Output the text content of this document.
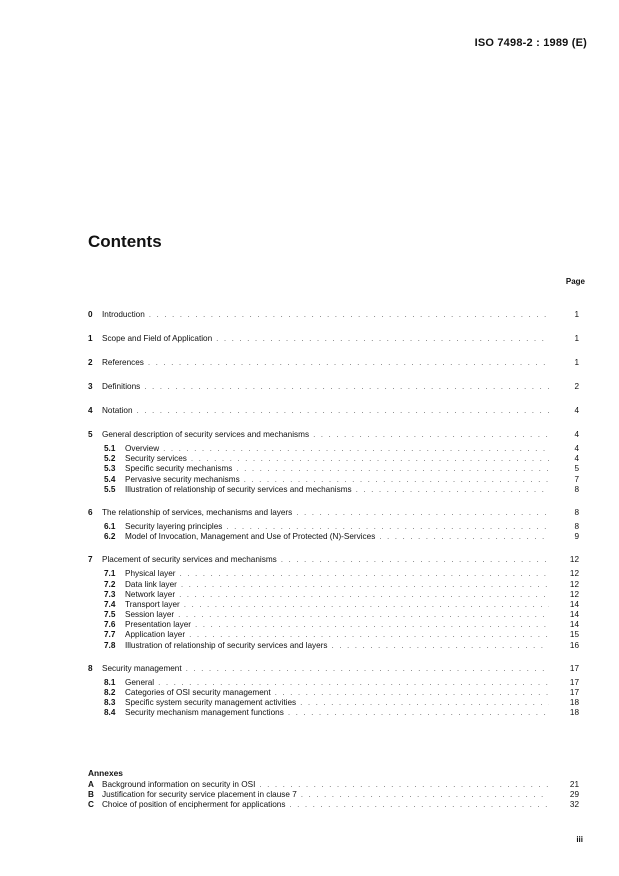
ISO 7498-2 : 1989 (E)
Contents
Page
0 Introduction . . .	1
1 Scope and Field of Application . . .	1
2 References . . .	1
3 Definitions . . .	2
4 Notation . . .	4
5 General description of security services and mechanisms . . .	4
5.1 Overview . . .	4
5.2 Security services . . .	4
5.3 Specific security mechanisms . . .	5
5.4 Pervasive security mechanisms . . .	7
5.5 Illustration of relationship of security services and mechanisms . . .	8
6 The relationship of services, mechanisms and layers . . .	8
6.1 Security layering principles . . .	8
6.2 Model of Invocation, Management and Use of Protected (N)-Services . . .	9
7 Placement of security services and mechanisms . . .	12
7.1 Physical layer . . .	12
7.2 Data link layer . . .	12
7.3 Network layer . . .	12
7.4 Transport layer . . .	14
7.5 Session layer . . .	14
7.6 Presentation layer . . .	14
7.7 Application layer . . .	15
7.8 Illustration of relationship of security services and layers . . .	16
8 Security management . . .	17
8.1 General . . .	17
8.2 Categories of OSI security management . . .	17
8.3 Specific system security management activities . . .	18
8.4 Security mechanism management functions . . .	18
Annexes
A Background information on security in OSI . . .	21
B Justification for security service placement in clause 7 . . .	29
C Choice of position of encipherment for applications . . .	32
iii
